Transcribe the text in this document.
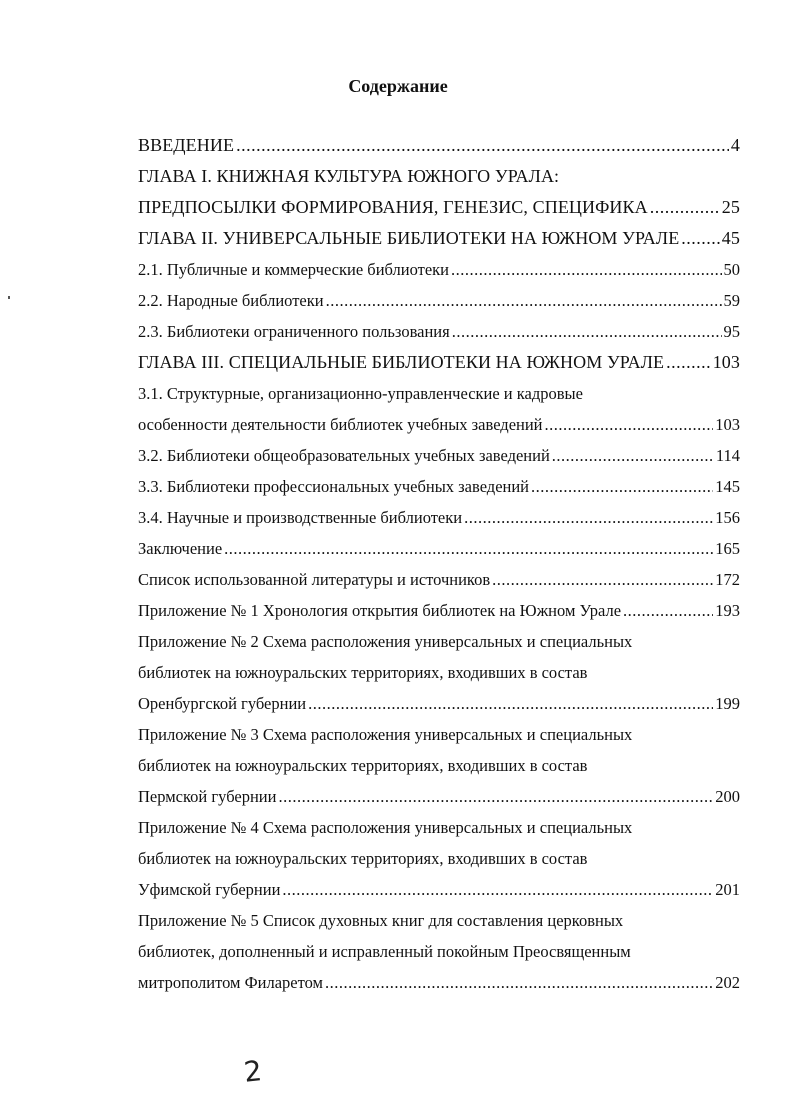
Содержание
ВВЕДЕНИЕ .....	4
ГЛАВА I. КНИЖНАЯ КУЛЬТУРА ЮЖНОГО УРАЛА:
ПРЕДПОСЫЛКИ ФОРМИРОВАНИЯ, ГЕНЕЗИС, СПЕЦИФИКА .....	25
ГЛАВА II. УНИВЕРСАЛЬНЫЕ БИБЛИОТЕКИ НА ЮЖНОМ УРАЛЕ ..... 45
2.1. Публичные и коммерческие библиотеки .....	50
2.2. Народные библиотеки .....	59
2.3. Библиотеки ограниченного пользования .....	95
ГЛАВА III. СПЕЦИАЛЬНЫЕ БИБЛИОТЕКИ НА ЮЖНОМ УРАЛЕ .....	103
3.1. Структурные, организационно-управленческие и кадровые
особенности деятельности библиотек учебных заведений .....	103
3.2. Библиотеки общеобразовательных учебных заведений .....	114
3.3. Библиотеки профессиональных учебных заведений .....	145
3.4. Научные и производственные библиотеки .....	156
Заключение .....	165
Список использованной литературы и источников .....	172
Приложение № 1 Хронология открытия библиотек на Южном Урале .....	193
Приложение № 2 Схема расположения универсальных и специальных
библиотек на южноуральских территориях, входивших в состав
Оренбургской губернии .....	199
Приложение № 3 Схема расположения универсальных и специальных
библиотек на южноуральских территориях, входивших в состав
Пермской губернии .....	200
Приложение № 4 Схема расположения универсальных и специальных
библиотек на южноуральских территориях, входивших в состав
Уфимской губернии .....	201
Приложение № 5 Список духовных книг для составления церковных
библиотек, дополненный и исправленный покойным Преосвященным
митрополитом Филаретом .....	202
2
